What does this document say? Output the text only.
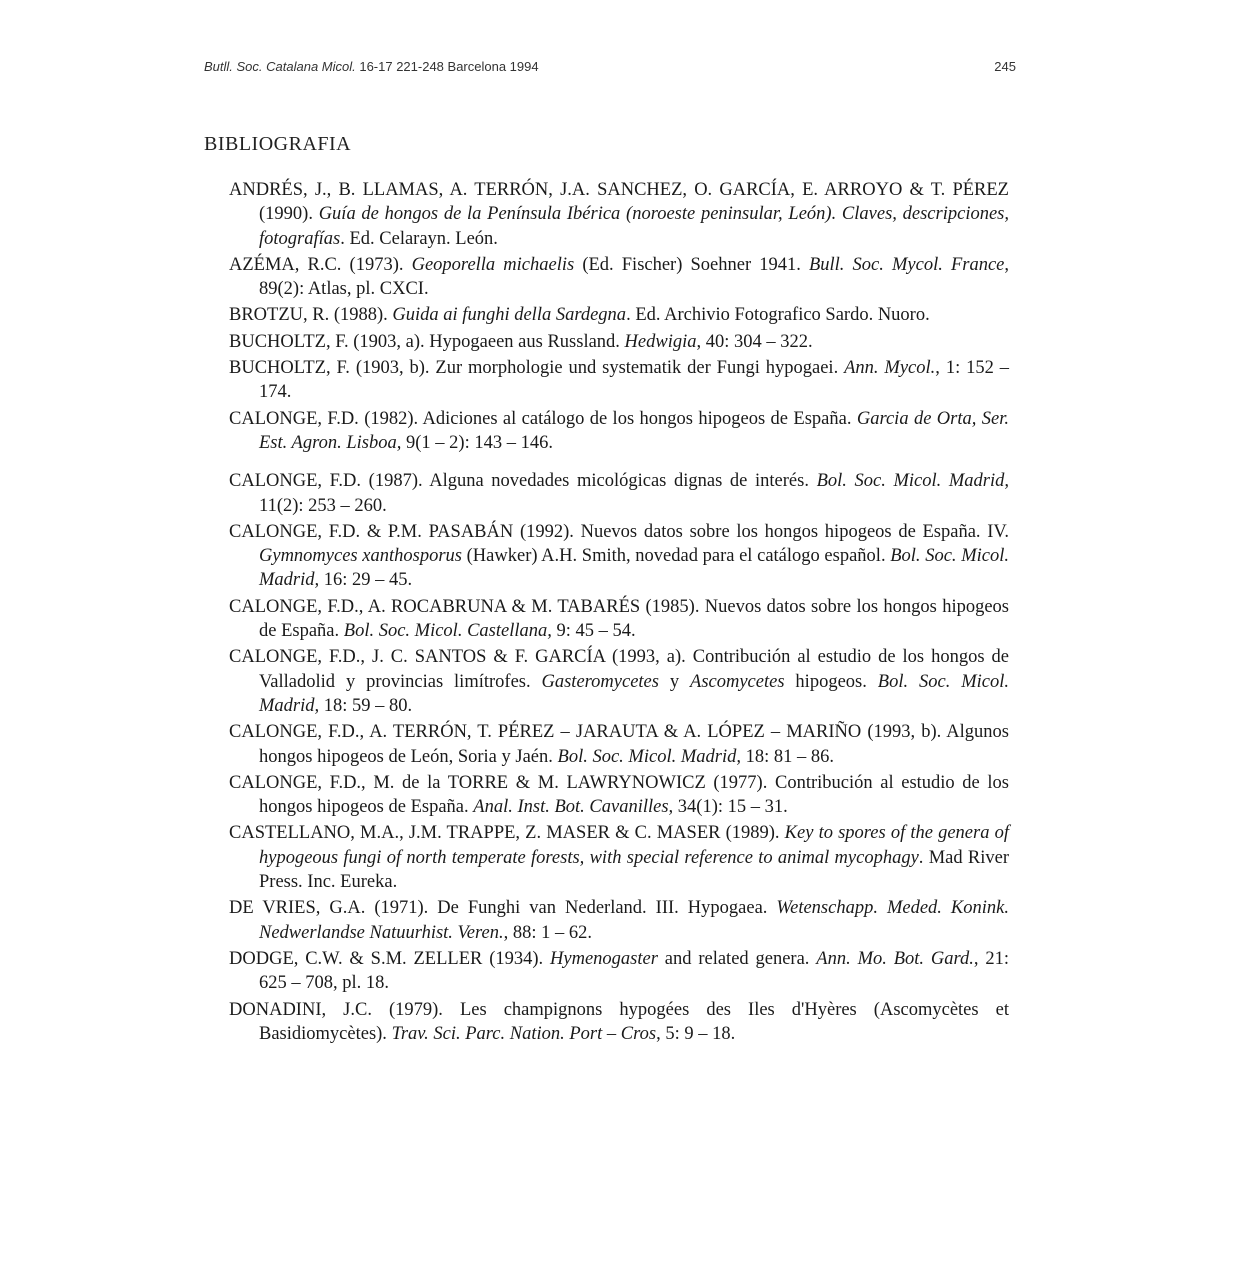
Butll. Soc. Catalana Micol. 16-17 221-248 Barcelona 1994	245
BIBLIOGRAFIA
ANDRÉS, J., B. LLAMAS, A. TERRÓN, J.A. SANCHEZ, O. GARCÍA, E. ARROYO & T. PÉREZ (1990). Guía de hongos de la Península Ibérica (noroeste peninsular, León). Claves, descripciones, fotografías. Ed. Celarayn. León.
AZÉMA, R.C. (1973). Geoporella michaelis (Ed. Fischer) Soehner 1941. Bull. Soc. Mycol. France, 89(2): Atlas, pl. CXCI.
BROTZU, R. (1988). Guida ai funghi della Sardegna. Ed. Archivio Fotografico Sardo. Nuoro.
BUCHOLTZ, F. (1903, a). Hypogaeen aus Russland. Hedwigia, 40: 304 – 322.
BUCHOLTZ, F. (1903, b). Zur morphologie und systematik der Fungi hypogaei. Ann. Mycol., 1: 152 – 174.
CALONGE, F.D. (1982). Adiciones al catálogo de los hongos hipogeos de España. Garcia de Orta, Ser. Est. Agron. Lisboa, 9(1 – 2): 143 – 146.
CALONGE, F.D. (1987). Alguna novedades micológicas dignas de interés. Bol. Soc. Micol. Madrid, 11(2): 253 – 260.
CALONGE, F.D. & P.M. PASABÁN (1992). Nuevos datos sobre los hongos hipogeos de España. IV. Gymnomyces xanthosporus (Hawker) A.H. Smith, novedad para el catálogo español. Bol. Soc. Micol. Madrid, 16: 29 – 45.
CALONGE, F.D., A. ROCABRUNA & M. TABARÉS (1985). Nuevos datos sobre los hongos hipogeos de España. Bol. Soc. Micol. Castellana, 9: 45 – 54.
CALONGE, F.D., J. C. SANTOS & F. GARCÍA (1993, a). Contribución al estudio de los hongos de Valladolid y provincias limítrofes. Gasteromycetes y Ascomycetes hipogeos. Bol. Soc. Micol. Madrid, 18: 59 – 80.
CALONGE, F.D., A. TERRÓN, T. PÉREZ – JARAUTA & A. LÓPEZ – MARIÑO (1993, b). Algunos hongos hipogeos de León, Soria y Jaén. Bol. Soc. Micol. Madrid, 18: 81 – 86.
CALONGE, F.D., M. de la TORRE & M. LAWRYNOWICZ (1977). Contribución al estudio de los hongos hipogeos de España. Anal. Inst. Bot. Cavanilles, 34(1): 15 – 31.
CASTELLANO, M.A., J.M. TRAPPE, Z. MASER & C. MASER (1989). Key to spores of the genera of hypogeous fungi of north temperate forests, with special reference to animal mycophagy. Mad River Press. Inc. Eureka.
DE VRIES, G.A. (1971). De Funghi van Nederland. III. Hypogaea. Wetenschapp. Meded. Konink. Nedwerlandse Natuurhist. Veren., 88: 1 – 62.
DODGE, C.W. & S.M. ZELLER (1934). Hymenogaster and related genera. Ann. Mo. Bot. Gard., 21: 625 – 708, pl. 18.
DONADINI, J.C. (1979). Les champignons hypogées des Iles d'Hyères (Ascomycètes et Basidiomycètes). Trav. Sci. Parc. Nation. Port – Cros, 5: 9 – 18.
